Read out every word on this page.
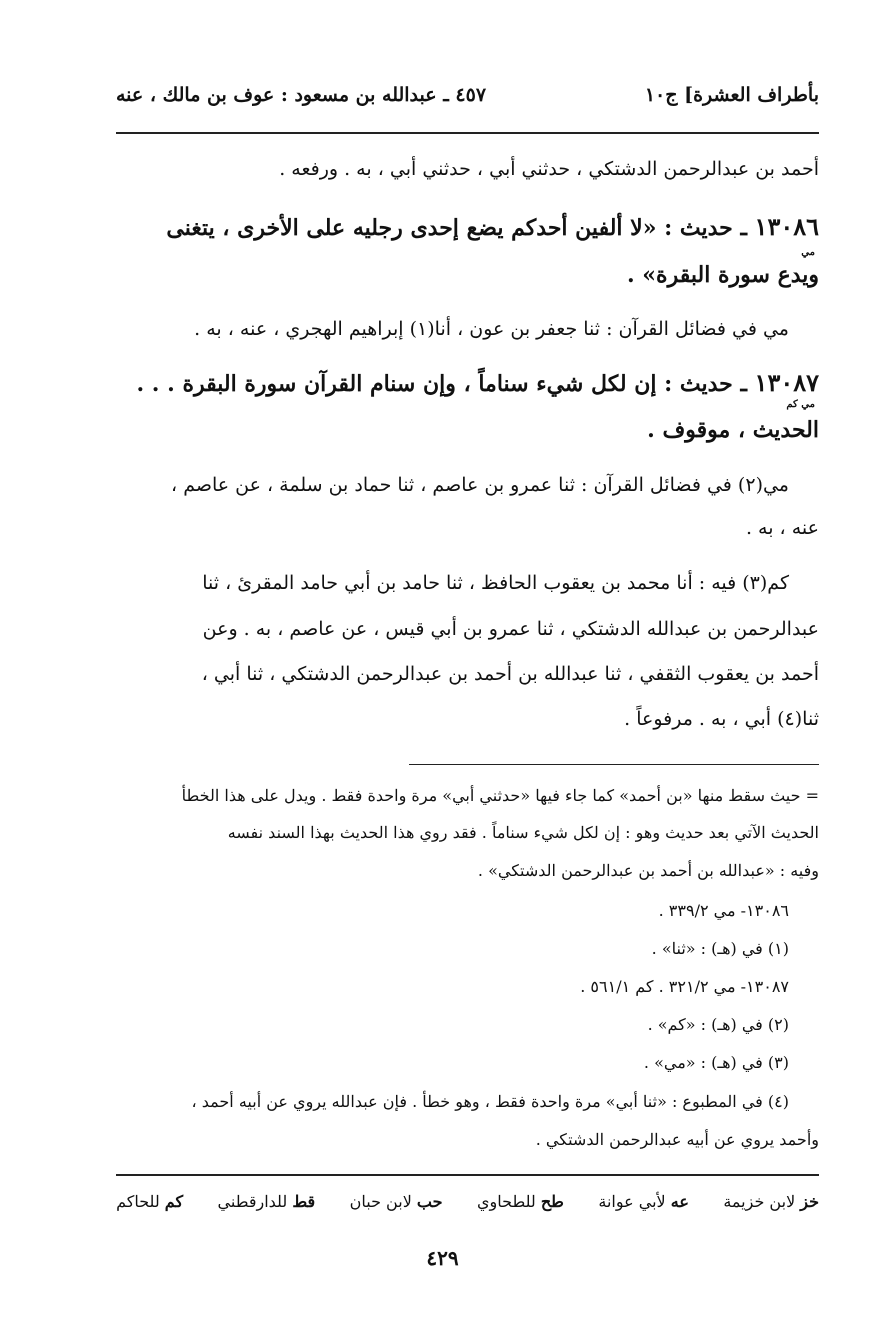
بأطراف العشرة] ج١٠
٤٥٧ ـ عبدالله بن مسعود : عوف بن مالك ، عنه
أحمد بن عبدالرحمن الدشتكي ، حدثني أبي ، حدثني أبي ، به . ورفعه .
١٣٠٨٦ ـ حديث : «لا ألفين أحدكم يضع إحدى رجليه على الأخرى ، يتغنى
مي
ويدع سورة البقرة» .
مي في فضائل القرآن : ثنا جعفر بن عون ، أنا(١) إبراهيم الهجري ، عنه ، به .
١٣٠٨٧ ـ حديث : إن لكل شيء سناماً ، وإن سنام القرآن سورة البقرة . . .
مي كم
الحديث ، موقوف .
مي(٢) في فضائل القرآن : ثنا عمرو بن عاصم ، ثنا حماد بن سلمة ، عن عاصم ،
عنه ، به .
كم(٣) فيه : أنا محمد بن يعقوب الحافظ ، ثنا حامد بن أبي حامد المقرئ ، ثنا
عبدالرحمن بن عبدالله الدشتكي ، ثنا عمرو بن أبي قيس ، عن عاصم ، به . وعن
أحمد بن يعقوب الثقفي ، ثنا عبدالله بن أحمد بن عبدالرحمن الدشتكي ، ثنا أبي ،
ثنا(٤) أبي ، به . مرفوعاً .
= حيث سقط منها «بن أحمد» كما جاء فيها «حدثني أبي» مرة واحدة فقط . ويدل على هذا الخطأ
الحديث الآتي بعد حديث وهو : إن لكل شيء سناماً . فقد روي هذا الحديث بهذا السند نفسه
وفيه : «عبدالله بن أحمد بن عبدالرحمن الدشتكي» .
١٣٠٨٦- مي ٣٣٩/٢ .
(١) في (هـ) : «ثنا» .
١٣٠٨٧- مي ٣٢١/٢ . كم ٥٦١/١ .
(٢) في (هـ) : «كم» .
(٣) في (هـ) : «مي» .
(٤) في المطبوع : «ثنا أبي» مرة واحدة فقط ، وهو خطأ . فإن عبدالله يروي عن أبيه أحمد ،
وأحمد يروي عن أبيه عبدالرحمن الدشتكي .
خز لابن خزيمة
عه لأبي عوانة
طح للطحاوي
حب لابن حبان
قط للدارقطني
كم للحاكم
٤٢٩
